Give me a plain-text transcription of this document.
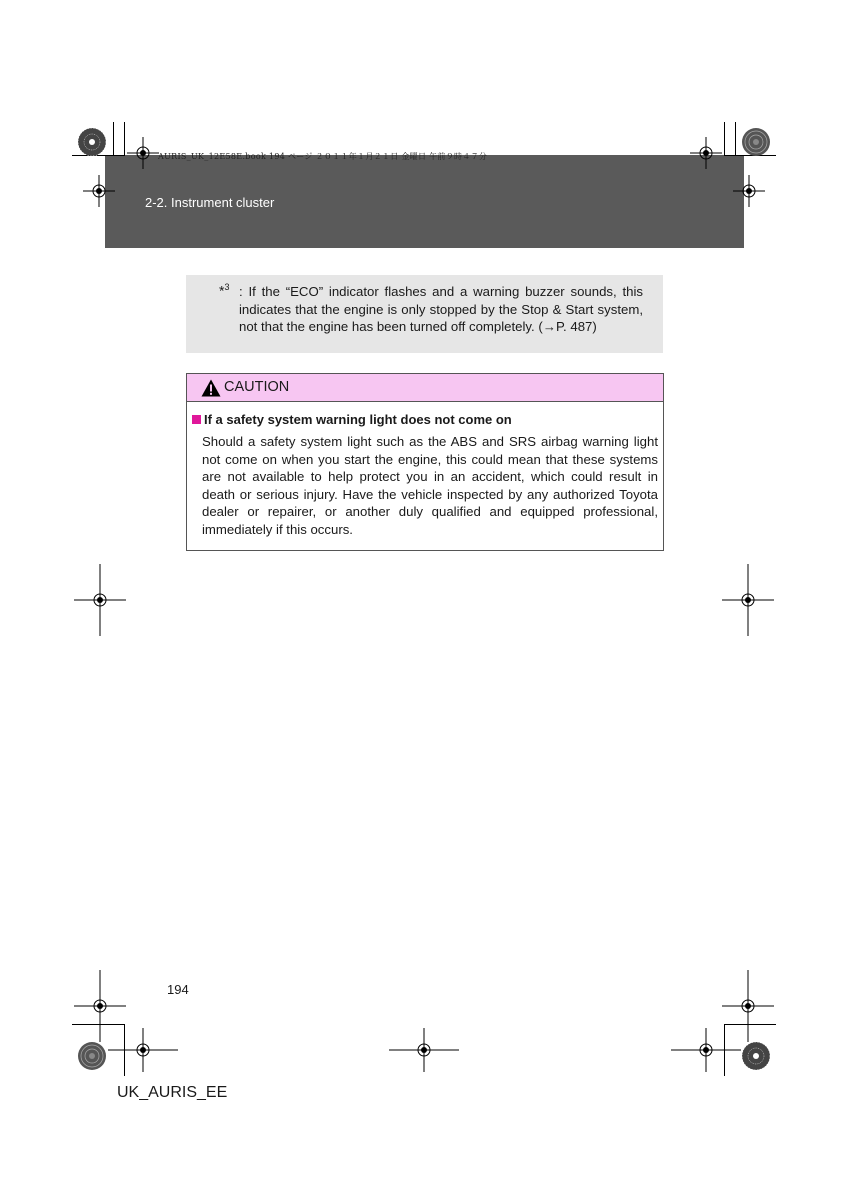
2-2. Instrument cluster
AURIS_UK_12E58E.book 194 ページ ２０１１年１月２１日 金曜日 午前９時４７分
*$^3$ : If the “ECO” indicator flashes and a warning buzzer sounds, this indicates that the engine is only stopped by the Stop & Start system, not that the engine has been turned off completely. (→P. 487)
CAUTION
If a safety system warning light does not come on
Should a safety system light such as the ABS and SRS airbag warning light not come on when you start the engine, this could mean that these systems are not available to help protect you in an accident, which could result in death or serious injury. Have the vehicle inspected by any authorized Toyota dealer or repairer, or another duly qualified and equipped professional, immediately if this occurs.
194
UK_AURIS_EE
